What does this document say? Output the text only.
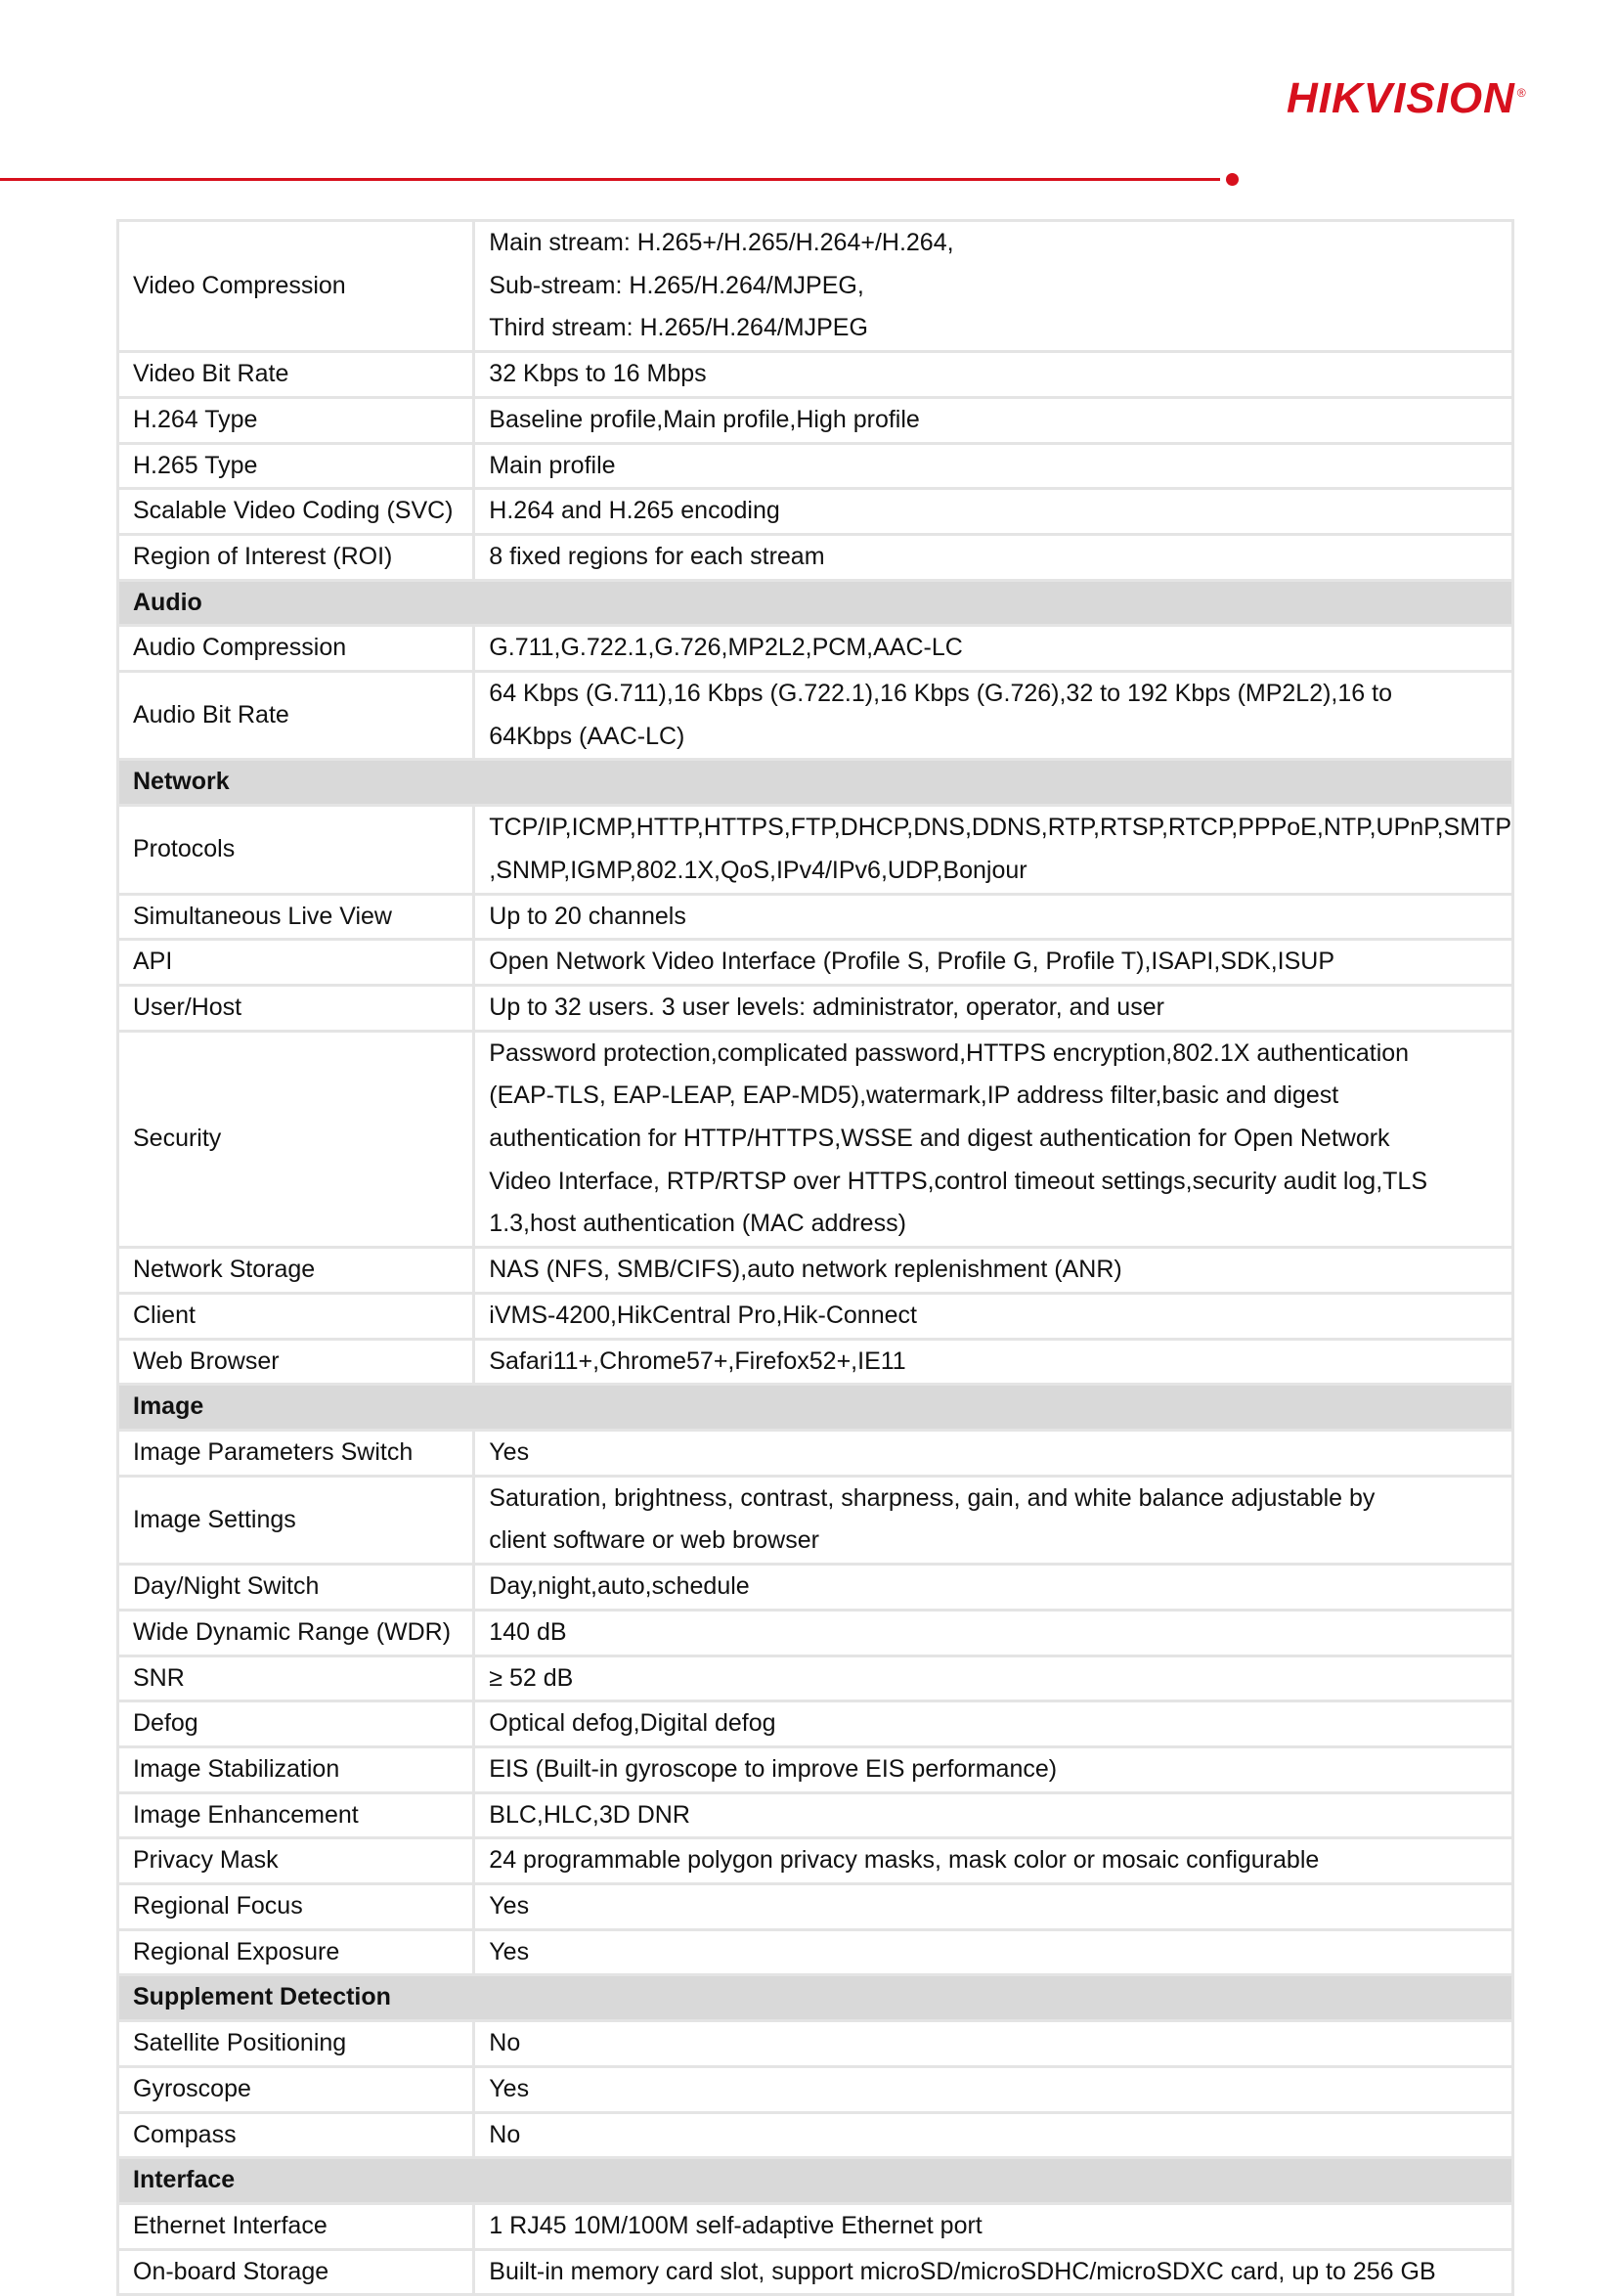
HIKVISION ®
Video Compression	Main stream: H.265+/H.265/H.264+/H.264,
Sub-stream: H.265/H.264/MJPEG,
Third stream: H.265/H.264/MJPEG
Video Bit Rate	32 Kbps to 16 Mbps
H.264 Type	Baseline profile,Main profile,High profile
H.265 Type	Main profile
Scalable Video Coding (SVC)	H.264 and H.265 encoding
Region of Interest (ROI)	8 fixed regions for each stream
Audio	
Audio Compression	G.711,G.722.1,G.726,MP2L2,PCM,AAC-LC
Audio Bit Rate	64 Kbps (G.711),16 Kbps (G.722.1),16 Kbps (G.726),32 to 192 Kbps (MP2L2),16 to
64Kbps (AAC-LC)
Network	
Protocols	TCP/IP,ICMP,HTTP,HTTPS,FTP,DHCP,DNS,DDNS,RTP,RTSP,RTCP,PPPoE,NTP,UPnP,SMTP
,SNMP,IGMP,802.1X,QoS,IPv4/IPv6,UDP,Bonjour
Simultaneous Live View	Up to 20 channels
API	Open Network Video Interface (Profile S, Profile G, Profile T),ISAPI,SDK,ISUP
User/Host	Up to 32 users. 3 user levels: administrator, operator, and user
Security	Password protection,complicated password,HTTPS encryption,802.1X authentication
(EAP-TLS, EAP-LEAP, EAP-MD5),watermark,IP address filter,basic and digest
authentication for HTTP/HTTPS,WSSE and digest authentication for Open Network
Video Interface, RTP/RTSP over HTTPS,control timeout settings,security audit log,TLS
1.3,host authentication (MAC address)
Network Storage	NAS (NFS, SMB/CIFS),auto network replenishment (ANR)
Client	iVMS-4200,HikCentral Pro,Hik-Connect
Web Browser	Safari11+,Chrome57+,Firefox52+,IE11
Image	
Image Parameters Switch	Yes
Image Settings	Saturation, brightness, contrast, sharpness, gain, and white balance adjustable by
client software or web browser
Day/Night Switch	Day,night,auto,schedule
Wide Dynamic Range (WDR)	140 dB
SNR	≥ 52 dB
Defog	Optical defog,Digital defog
Image Stabilization	EIS (Built-in gyroscope to improve EIS performance)
Image Enhancement	BLC,HLC,3D DNR
Privacy Mask	24 programmable polygon privacy masks, mask color or mosaic configurable
Regional Focus	Yes
Regional Exposure	Yes
Supplement Detection	
Satellite Positioning	No
Gyroscope	Yes
Compass	No
Interface	
Ethernet Interface	1 RJ45 10M/100M self-adaptive Ethernet port
On-board Storage	Built-in memory card slot, support microSD/microSDHC/microSDXC card, up to 256 GB
